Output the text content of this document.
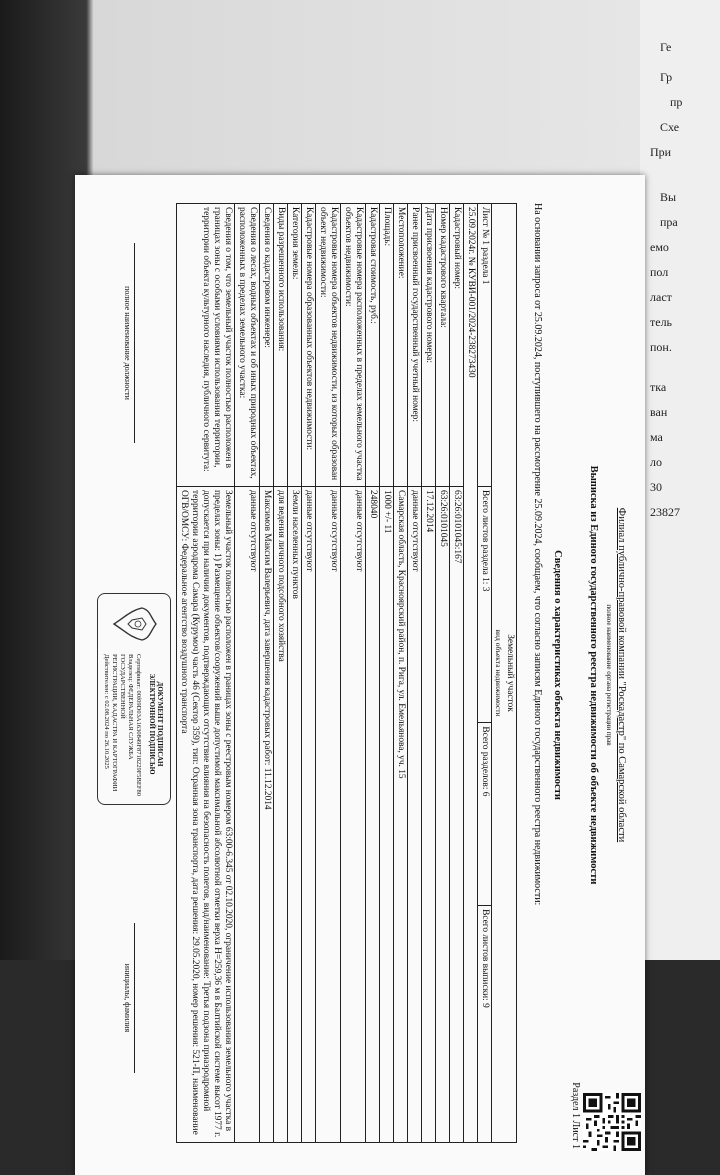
Ге
Гр
пр
Схе
При
Вы
пра
емо
пол
ласт
тель
пон.
тка
ван
ма
ло
30
23827
Филиал публично-правовой компании "Роскадастр" по Самарской области
полное наименование органа регистрации прав
Выписка из Единого государственного реестра недвижимости об объекте недвижимости
Раздел 1 Лист 1
Сведения о характеристиках объекта недвижимости
На основании запроса от 25.09.2024, поступившего на рассмотрение 25.09.2024, сообщаем, что согласно записям Единого государственного реестра недвижимости:
Земельный участок
вид объекта недвижимости			

Лист № 1 раздела 1	Всего листов раздела 1: 3	Всего разделов: 6	Всего листов выписки: 9
25.09.2024г. № КУВИ-001/2024-238273430			
Кадастровый номер:	63:26:0101045:167		
Номер кадастрового квартала:	63:26:0101045		
Дата присвоения кадастрового номера:	17.12.2014		
Ранее присвоенный государственный учетный номер:	данные отсутствуют		
Местоположение:	Самарская область, Красноярский район, п. Рига, ул. Емельянова, уч. 15		
Площадь:	1000 +/- 11		
Кадастровая стоимость, руб.:	248040		
Кадастровые номера расположенных в пределах земельного участка объектов недвижимости:	данные отсутствуют		
Кадастровые номера объектов недвижимости, из которых образован объект недвижимости:	данные отсутствуют		
Кадастровые номера образованных объектов недвижимости:	данные отсутствуют		
Категория земель:	Земли населенных пунктов		
Виды разрешенного использования:	для ведения личного подсобного хозяйства		
Сведения о кадастровом инженере:	Максимов Максим Валерьевич, дата завершения кадастровых работ: 11.12.2014		
Сведения о лесах, водных объектах и об иных природных объектах, расположенных в пределах земельного участка:	данные отсутствуют		
Сведения о том, что земельный участок полностью расположен в границах зоны с особыми условиями использования территории, территории объекта культурного наследия, публичного сервитута:	Земельный участок полностью расположен в границах зоны с реестровым номером 63:00-6.345 от 02.10.2020, ограничение использования земельного участка в пределах зоны: 1) Размещение объектов/сооружений выше допустимой максимальной абсолютной отметки верха H=259,36 м в Балтийской системе высот 1977 г. допускается при наличии документов, подтверждающих отсутствие влияния на безопасность полетов, вид/наименование: Третья подзона приаэродромной территории аэродрома Самара (Курумоч) часть 46 (Сектор 359), тип: Охранная зона транспорта, дата решения: 29.05.2020, номер решения: 521-П, наименование ОГВ/ОМСУ: Федеральное агентство воздушного транспорта		
полное наименование должности
ДОКУМЕНТ ПОДПИСАН
ЭЛЕКТРОННОЙ ПОДПИСЬЮ
Сертификат: 00f09D03A1630849F8718229F5BEF80
Владелец: ФЕДЕРАЛЬНАЯ СЛУЖБА ГОСУДАРСТВЕННОЙ
РЕГИСТРАЦИИ, КАДАСТРА И КАРТОГРАФИИ
Действителен: с 02.08.2024 по 26.10.2025
инициалы, фамилия
